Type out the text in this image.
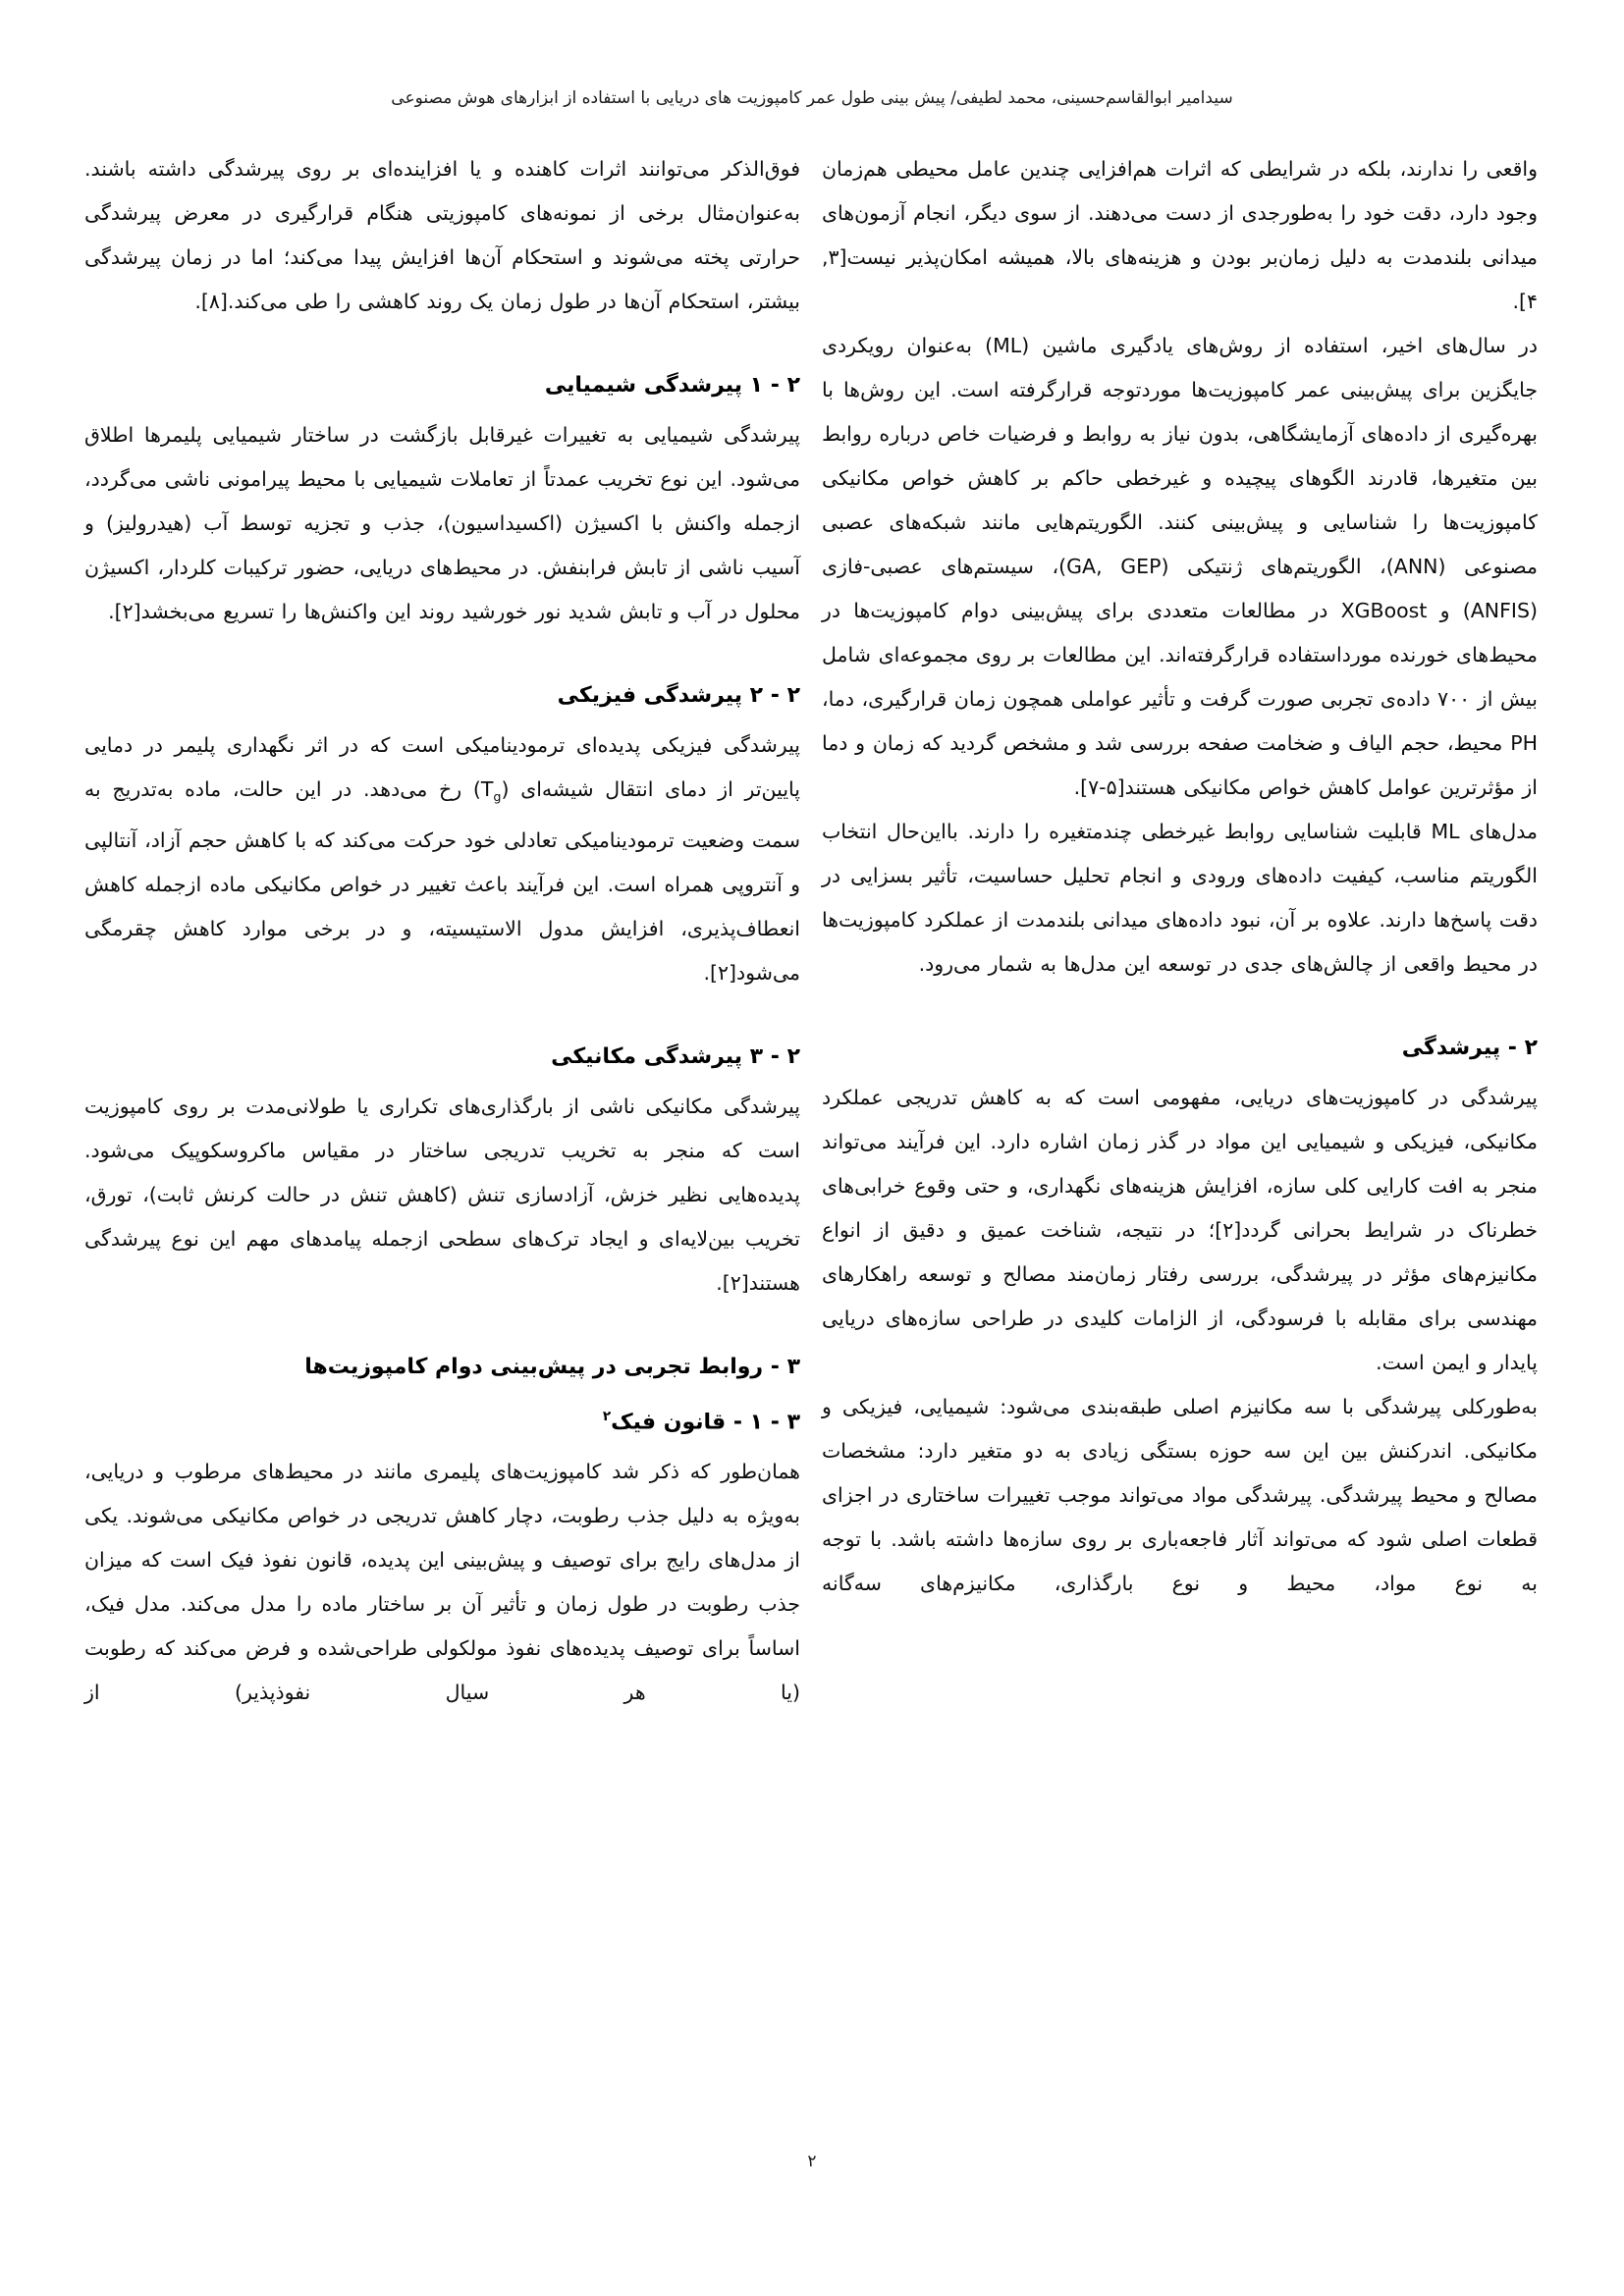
سیدامیر ابوالقاسم‌حسینی، محمد لطیفی/ پیش بینی طول عمر کامپوزیت های دریایی با استفاده از ابزارهای هوش مصنوعی

واقعی را ندارند، بلکه در شرایطی که اثرات هم‌افزایی چندین عامل محیطی هم‌زمان وجود دارد، دقت خود را به‌طورجدی از دست می‌دهند. از سوی دیگر، انجام آزمون‌های میدانی بلندمدت به دلیل زمان‌بر بودن و هزینه‌های بالا، همیشه امکان‌پذیر نیست[۳, ۴].

در سال‌های اخیر، استفاده از روش‌های یادگیری ماشین (ML) به‌عنوان رویکردی جایگزین برای پیش‌بینی عمر کامپوزیت‌ها موردتوجه قرارگرفته است. این روش‌ها با بهره‌گیری از داده‌های آزمایشگاهی، بدون نیاز به روابط و فرضیات خاص درباره روابط بین متغیرها، قادرند الگوهای پیچیده و غیرخطی حاکم بر کاهش خواص مکانیکی کامپوزیت‌ها را شناسایی و پیش‌بینی کنند. الگوریتم‌هایی مانند شبکه‌های عصبی مصنوعی (ANN)، الگوریتم‌های ژنتیکی (GA, GEP)، سیستم‌های عصبی-فازی (ANFIS) و XGBoost در مطالعات متعددی برای پیش‌بینی دوام کامپوزیت‌ها در محیط‌های خورنده مورداستفاده قرارگرفته‌اند. این مطالعات بر روی مجموعه‌ای شامل بیش از ۷۰۰ داده‌ی تجربی صورت گرفت و تأثیر عواملی همچون زمان قرارگیری، دما، PH محیط، حجم الیاف و ضخامت صفحه بررسی شد و مشخص گردید که زمان و دما از مؤثرترین عوامل کاهش خواص مکانیکی هستند[۵-۷].

مدل‌های ML قابلیت شناسایی روابط غیرخطی چندمتغیره را دارند. بااین‌حال انتخاب الگوریتم مناسب، کیفیت داده‌های ورودی و انجام تحلیل حساسیت، تأثیر بسزایی در دقت پاسخ‌ها دارند. علاوه بر آن، نبود داده‌های میدانی بلندمدت از عملکرد کامپوزیت‌ها در محیط واقعی از چالش‌های جدی در توسعه این مدل‌ها به شمار می‌رود.

۲ - پیرشدگی

پیرشدگی در کامپوزیت‌های دریایی، مفهومی است که به کاهش تدریجی عملکرد مکانیکی، فیزیکی و شیمیایی این مواد در گذر زمان اشاره دارد. این فرآیند می‌تواند منجر به افت کارایی کلی سازه، افزایش هزینه‌های نگهداری، و حتی وقوع خرابی‌های خطرناک در شرایط بحرانی گردد[۲]؛ در نتیجه، شناخت عمیق و دقیق از انواع مکانیزم‌های مؤثر در پیرشدگی، بررسی رفتار زمان‌مند مصالح و توسعه راهکارهای مهندسی برای مقابله با فرسودگی، از الزامات کلیدی در طراحی سازه‌های دریایی پایدار و ایمن است.

به‌طورکلی پیرشدگی با سه مکانیزم اصلی طبقه‌بندی می‌شود: شیمیایی، فیزیکی و مکانیکی. اندرکنش بین این سه حوزه بستگی زیادی به دو متغیر دارد: مشخصات مصالح و محیط پیرشدگی. پیرشدگی مواد می‌تواند موجب تغییرات ساختاری در اجزای قطعات اصلی شود که می‌تواند آثار فاجعه‌باری بر روی سازه‌ها داشته باشد. با توجه به نوع مواد، محیط و نوع بارگذاری، مکانیزم‌های سه‌گانه

فوق‌الذکر می‌توانند اثرات کاهنده و یا افزاینده‌ای بر روی پیرشدگی داشته باشند. به‌عنوان‌مثال برخی از نمونه‌های کامپوزیتی هنگام قرارگیری در معرض پیرشدگی حرارتی پخته می‌شوند و استحکام آن‌ها افزایش پیدا می‌کند؛ اما در زمان پیرشدگی بیشتر، استحکام آن‌ها در طول زمان یک روند کاهشی را طی می‌کند.[۸].

۲ - ۱ پیرشدگی شیمیایی

پیرشدگی شیمیایی به تغییرات غیرقابل بازگشت در ساختار شیمیایی پلیمرها اطلاق می‌شود. این نوع تخریب عمدتاً از تعاملات شیمیایی با محیط پیرامونی ناشی می‌گردد، ازجمله واکنش با اکسیژن (اکسیداسیون)، جذب و تجزیه توسط آب (هیدرولیز) و آسیب ناشی از تابش فرابنفش. در محیط‌های دریایی، حضور ترکیبات کلردار، اکسیژن محلول در آب و تابش شدید نور خورشید روند این واکنش‌ها را تسریع می‌بخشد[۲].

۲ - ۲ پیرشدگی فیزیکی

پیرشدگی فیزیکی پدیده‌ای ترمودینامیکی است که در اثر نگهداری پلیمر در دمایی پایین‌تر از دمای انتقال شیشه‌ای $(T_g)$ رخ می‌دهد. در این حالت، ماده به‌تدریج به سمت وضعیت ترمودینامیکی تعادلی خود حرکت می‌کند که با کاهش حجم آزاد، آنتالپی و آنتروپی همراه است. این فرآیند باعث تغییر در خواص مکانیکی ماده ازجمله کاهش انعطاف‌پذیری، افزایش مدول الاستیسیته، و در برخی موارد کاهش چقرمگی می‌شود[۲].

۲ - ۳ پیرشدگی مکانیکی

پیرشدگی مکانیکی ناشی از بارگذاری‌های تکراری یا طولانی‌مدت بر روی کامپوزیت است که منجر به تخریب تدریجی ساختار در مقیاس ماکروسکوپیک می‌شود. پدیده‌هایی نظیر خزش، آزادسازی تنش (کاهش تنش در حالت کرنش ثابت)، تورق، تخریب بین‌لایه‌ای و ایجاد ترک‌های سطحی ازجمله پیامدهای مهم این نوع پیرشدگی هستند[۲].

۳ - روابط تجربی در پیش‌بینی دوام کامپوزیت‌ها
۳ - ۱ - قانون فیک$^۲$

همان‌طور که ذکر شد کامپوزیت‌های پلیمری مانند در محیط‌های مرطوب و دریایی، به‌ویژه به دلیل جذب رطوبت، دچار کاهش تدریجی در خواص مکانیکی می‌شوند. یکی از مدل‌های رایج برای توصیف و پیش‌بینی این پدیده، قانون نفوذ فیک است که میزان جذب رطوبت در طول زمان و تأثیر آن بر ساختار ماده را مدل می‌کند. مدل فیک، اساساً برای توصیف پدیده‌های نفوذ مولکولی طراحی‌شده و فرض می‌کند که رطوبت (یا هر سیال نفوذپذیر) از

۲
